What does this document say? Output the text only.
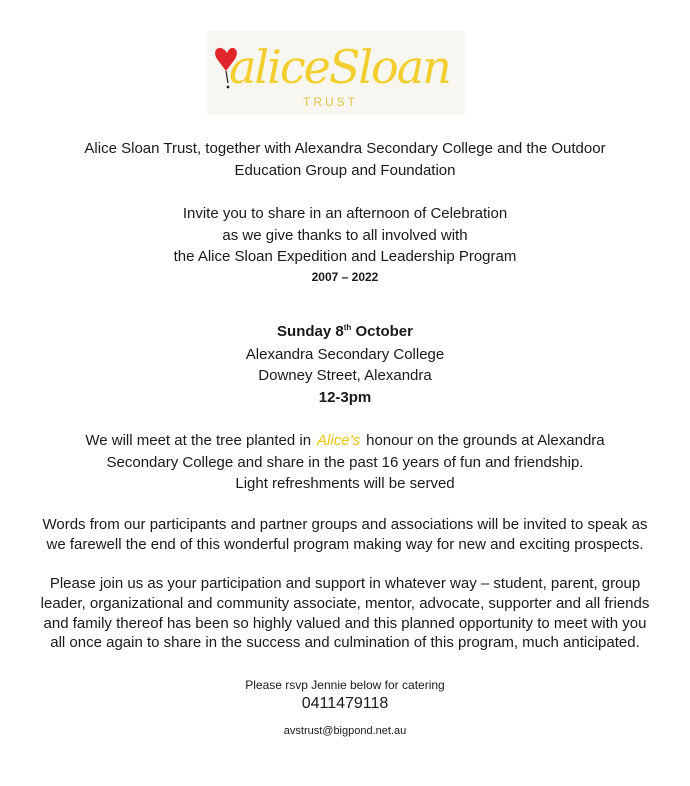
aliceSloan
TRUST
Alice Sloan Trust, together with Alexandra Secondary College and the Outdoor
Education Group and Foundation
Invite you to share in an afternoon of Celebration
as we give thanks to all involved with
the Alice Sloan Expedition and Leadership Program
2007 – 2022
Sunday 8th October
Alexandra Secondary College
Downey Street, Alexandra
12-3pm
We will meet at the tree planted in Alice’s honour on the grounds at Alexandra
Secondary College and share in the past 16 years of fun and friendship.
Light refreshments will be served
Words from our participants and partner groups and associations will be invited to speak as
we farewell the end of this wonderful program making way for new and exciting prospects.
Please join us as your participation and support in whatever way – student, parent, group
leader, organizational and community associate, mentor, advocate, supporter and all friends
and family thereof has been so highly valued and this planned opportunity to meet with you
all once again to share in the success and culmination of this program, much anticipated.
Please rsvp Jennie below for catering
0411479118
avstrust@bigpond.net.au
